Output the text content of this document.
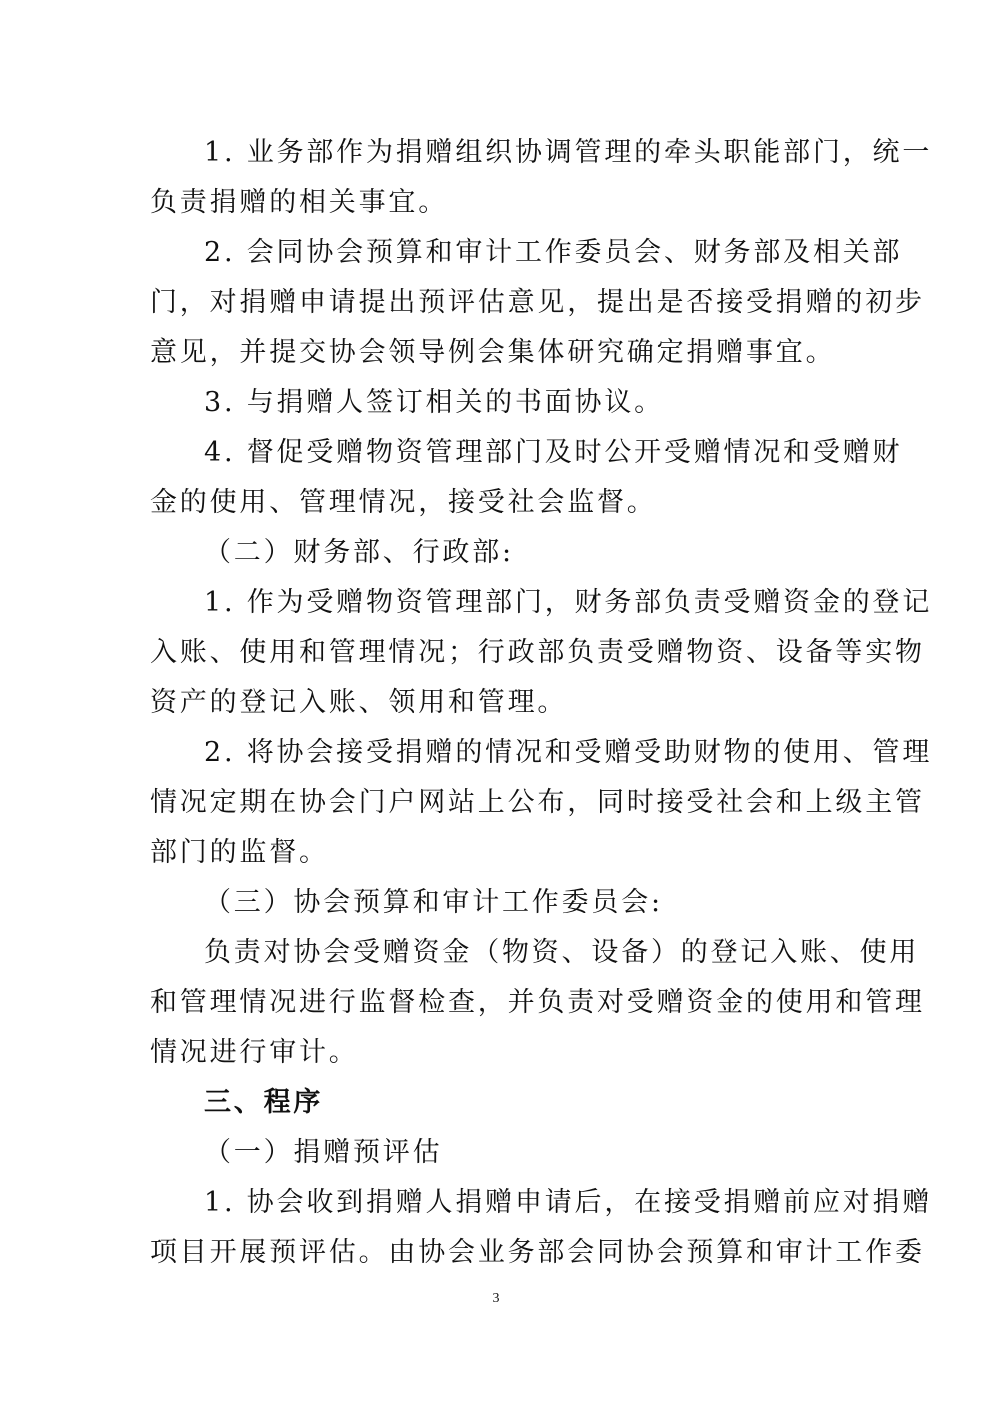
1. 业务部作为捐赠组织协调管理的牵头职能部门，统一
负责捐赠的相关事宜。
2. 会同协会预算和审计工作委员会、财务部及相关部
门，对捐赠申请提出预评估意见，提出是否接受捐赠的初步
意见，并提交协会领导例会集体研究确定捐赠事宜。
3. 与捐赠人签订相关的书面协议。
4. 督促受赠物资管理部门及时公开受赠情况和受赠财
金的使用、管理情况，接受社会监督。
（二）财务部、行政部:
1. 作为受赠物资管理部门，财务部负责受赠资金的登记
入账、使用和管理情况；行政部负责受赠物资、设备等实物
资产的登记入账、领用和管理。
2. 将协会接受捐赠的情况和受赠受助财物的使用、管理
情况定期在协会门户网站上公布，同时接受社会和上级主管
部门的监督。
（三）协会预算和审计工作委员会:
负责对协会受赠资金（物资、设备）的登记入账、使用
和管理情况进行监督检查，并负责对受赠资金的使用和管理
情况进行审计。
三、程序
（一）捐赠预评估
1. 协会收到捐赠人捐赠申请后，在接受捐赠前应对捐赠
项目开展预评估。由协会业务部会同协会预算和审计工作委
3
